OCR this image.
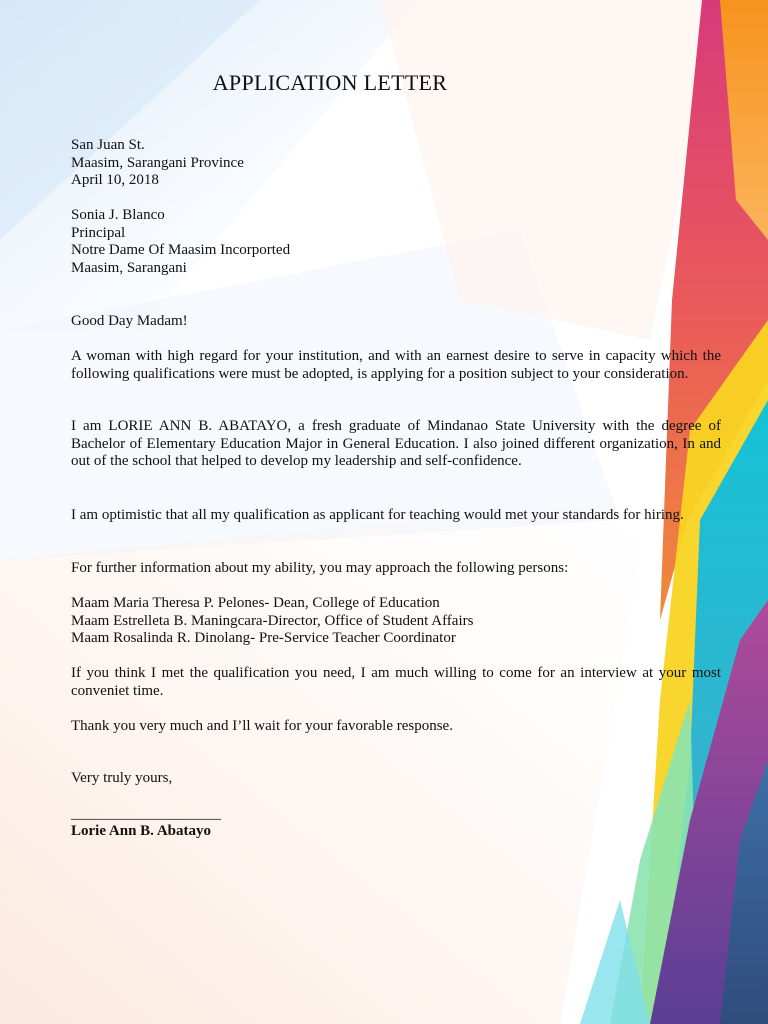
APPLICATION LETTER
San Juan St.
Maasim, Sarangani Province
April 10, 2018
Sonia J. Blanco
Principal
Notre Dame Of Maasim Incorported
Maasim, Sarangani
Good Day Madam!

A woman with high regard for your institution, and with an earnest desire to serve in capacity which the following qualifications were must be adopted, is applying for a position subject to your consideration.

I am LORIE ANN B. ABATAYO, a fresh graduate of Mindanao State University with the degree of Bachelor of Elementary Education Major in General Education. I also joined different organization, In and out of the school that helped to develop my leadership and self-confidence.

I am optimistic that all my qualification as applicant for teaching would met your standards for hiring.

For further information about my ability, you may approach the following persons:

Maam Maria Theresa P. Pelones- Dean, College of Education
Maam Estrelleta B. Maningcara-Director, Office of Student Affairs
Maam Rosalinda R. Dinolang- Pre-Service Teacher Coordinator

If you think I met the qualification you need, I am much willing to come for an interview at your most conveniet time.

Thank you very much and I’ll wait for your favorable response.
Very truly yours,
____________________
Lorie Ann B. Abatayo
